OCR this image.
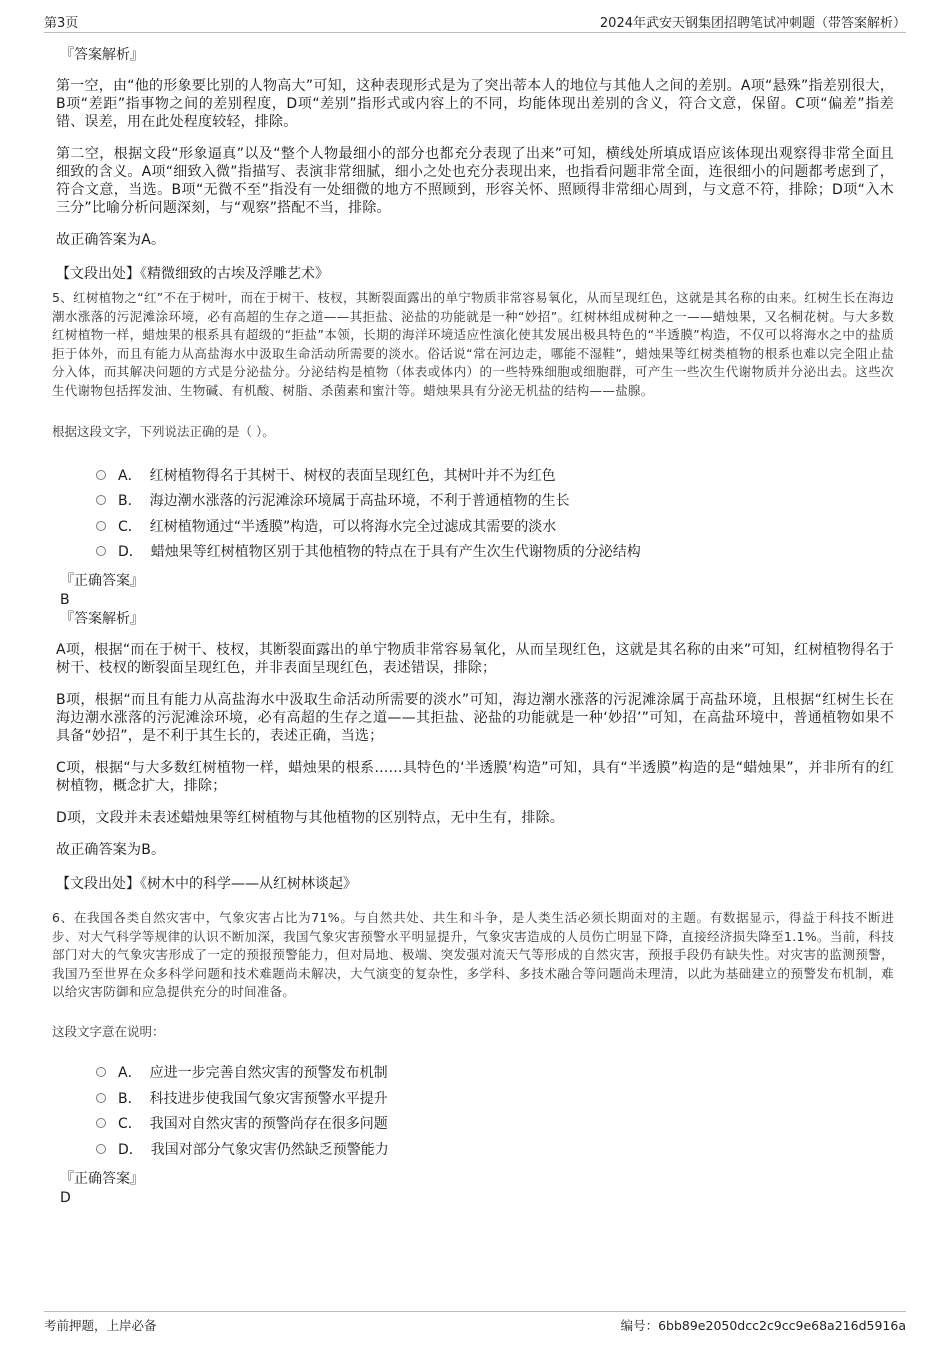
第3页	2024年武安天钢集团招聘笔试冲刺题（带答案解析）
『答案解析』

第一空，由“他的形象要比别的人物高大”可知，这种表现形式是为了突出蒂本人的地位与其他人之间的差别。A项“悬殊”指差别很大，B项“差距”指事物之间的差别程度，D项“差别”指形式或内容上的不同，均能体现出差别的含义，符合文意，保留。C项“偏差”指差错、误差，用在此处程度较轻，排除。

第二空，根据文段“形象逼真”以及“整个人物最细小的部分也都充分表现了出来”可知，横线处所填成语应该体现出观察得非常全面且细致的含义。A项“细致入微”指描写、表演非常细腻，细小之处也充分表现出来，也指看问题非常全面，连很细小的问题都考虑到了，符合文意，当选。B项“无微不至”指没有一处细微的地方不照顾到，形容关怀、照顾得非常细心周到，与文意不符，排除；D项“入木三分”比喻分析问题深刻，与“观察”搭配不当，排除。

故正确答案为A。

【文段出处】《精微细致的古埃及浮雕艺术》

5、红树植物之“红”不在于树叶，而在于树干、枝杈，其断裂面露出的单宁物质非常容易氧化，从而呈现红色，这就是其名称的由来。红树生长在海边潮水涨落的污泥滩涂环境，必有高超的生存之道——其拒盐、泌盐的功能就是一种“妙招”。红树林组成树种之一——蜡烛果，又名桐花树。与大多数红树植物一样，蜡烛果的根系具有超级的“拒盐”本领，长期的海洋环境适应性演化使其发展出极具特色的“半透膜”构造，不仅可以将海水之中的盐质拒于体外，而且有能力从高盐海水中汲取生命活动所需要的淡水。俗话说“常在河边走，哪能不湿鞋”，蜡烛果等红树类植物的根系也难以完全阻止盐分入体，而其解决问题的方式是分泌盐分。分泌结构是植物（体表或体内）的一些特殊细胞或细胞群，可产生一些次生代谢物质并分泌出去。这些次生代谢物包括挥发油、生物碱、有机酸、树脂、杀菌素和蜜汁等。蜡烛果具有分泌无机盐的结构——盐腺。

根据这段文字，下列说法正确的是（ ）。
A． 红树植物得名于其树干、树杈的表面呈现红色，其树叶并不为红色
B． 海边潮水涨落的污泥滩涂环境属于高盐环境，不利于普通植物的生长
C． 红树植物通过“半透膜”构造，可以将海水完全过滤成其需要的淡水
D． 蜡烛果等红树植物区别于其他植物的特点在于具有产生次生代谢物质的分泌结构
『正确答案』
B
『答案解析』

A项，根据“而在于树干、枝杈，其断裂面露出的单宁物质非常容易氧化，从而呈现红色，这就是其名称的由来”可知，红树植物得名于树干、枝杈的断裂面呈现红色，并非表面呈现红色，表述错误，排除；

B项，根据“而且有能力从高盐海水中汲取生命活动所需要的淡水”可知，海边潮水涨落的污泥滩涂属于高盐环境，且根据“红树生长在海边潮水涨落的污泥滩涂环境，必有高超的生存之道——其拒盐、泌盐的功能就是一种‘妙招’”可知，在高盐环境中，普通植物如果不具备“妙招”，是不利于其生长的，表述正确，当选；

C项，根据“与大多数红树植物一样，蜡烛果的根系……具特色的‘半透膜’构造”可知，具有“半透膜”构造的是“蜡烛果”，并非所有的红树植物，概念扩大，排除；

D项，文段并未表述蜡烛果等红树植物与其他植物的区别特点，无中生有，排除。

故正确答案为B。

【文段出处】《树木中的科学——从红树林谈起》

6、在我国各类自然灾害中，气象灾害占比为71%。与自然共处、共生和斗争，是人类生活必须长期面对的主题。有数据显示，得益于科技不断进步、对大气科学等规律的认识不断加深，我国气象灾害预警水平明显提升，气象灾害造成的人员伤亡明显下降，直接经济损失降至1.1%。当前，科技部门对大的气象灾害形成了一定的预报预警能力，但对局地、极端、突发强对流天气等形成的自然灾害，预报手段仍有缺失性。对灾害的监测预警，我国乃至世界在众多科学问题和技术难题尚未解决，大气演变的复杂性，多学科、多技术融合等问题尚未理清，以此为基础建立的预警发布机制，难以给灾害防御和应急提供充分的时间准备。

这段文字意在说明：
A． 应进一步完善自然灾害的预警发布机制
B． 科技进步使我国气象灾害预警水平提升
C． 我国对自然灾害的预警尚存在很多问题
D． 我国对部分气象灾害仍然缺乏预警能力
『正确答案』
D
考前押题，上岸必备	编号：6bb89e2050dcc2c9cc9e68a216d5916a
